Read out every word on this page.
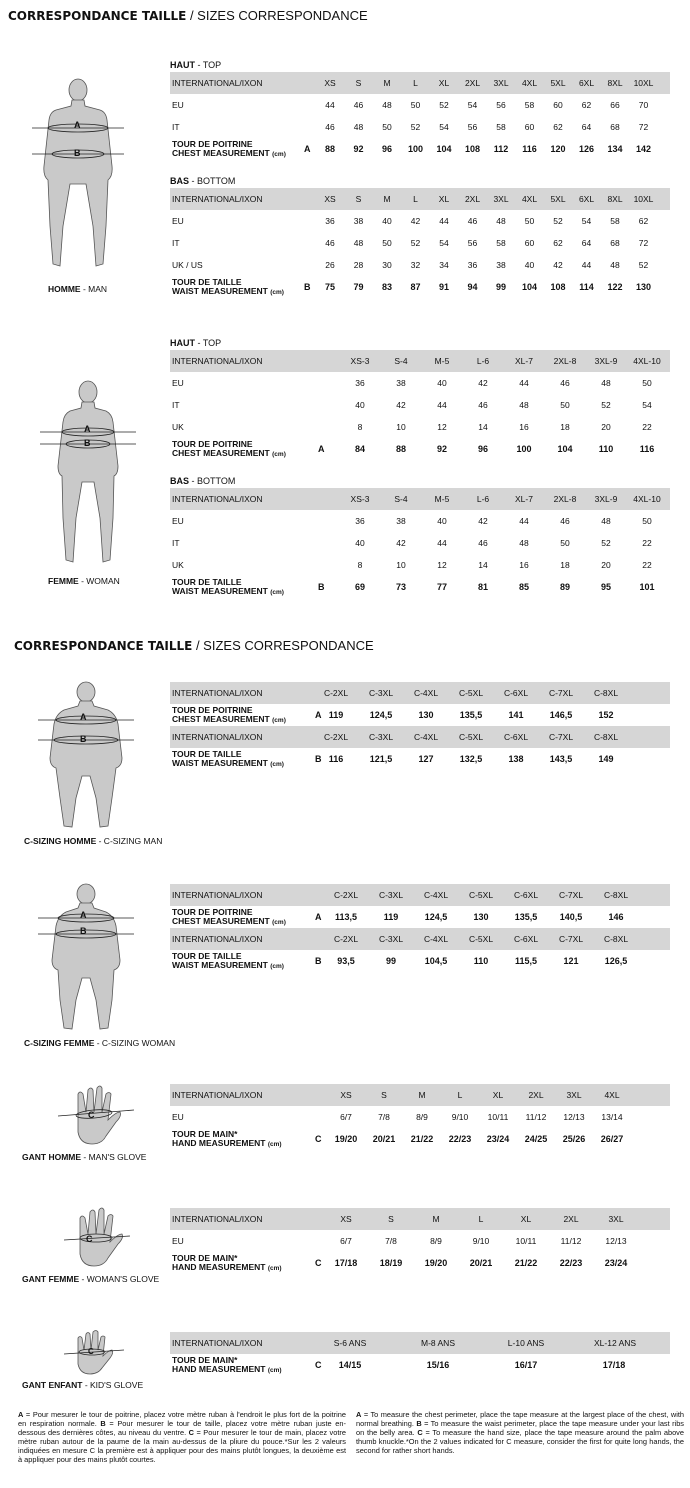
CORRESPONDANCE TAILLE / SIZES CORRESPONDANCE
CORRESPONDANCE TAILLE / SIZES CORRESPONDANCE
A
B
HOMME - MAN
A
B
FEMME - WOMAN
A
B
C-SIZING HOMME - C-SIZING MAN
A
B
C-SIZING FEMME - C-SIZING WOMAN
C
GANT HOMME - MAN'S GLOVE
C
GANT FEMME - WOMAN'S GLOVE
C
GANT ENFANT - KID'S GLOVE
HAUT - TOP
INTERNATIONAL/IXON	XS	S	M	L	XL	2XL	3XL	4XL	5XL	6XL	8XL	10XL
EU	44	46	48	50	52	54	56	58	60	62	66	70
IT	46	48	50	52	54	56	58	60	62	64	68	72
A
TOUR DE POITRINE
CHEST MEASUREMENT (cm)
88	92	96	100	104	108	112	116	120	126	134	142
BAS - BOTTOM
INTERNATIONAL/IXON	XS	S	M	L	XL	2XL	3XL	4XL	5XL	6XL	8XL	10XL
EU	36	38	40	42	44	46	48	50	52	54	58	62
IT	46	48	50	52	54	56	58	60	62	64	68	72
UK / US	26	28	30	32	34	36	38	40	42	44	48	52
B
TOUR DE TAILLE
WAIST MEASUREMENT (cm)
75	79	83	87	91	94	99	104	108	114	122	130
HAUT - TOP
INTERNATIONAL/IXON	XS-3	S-4	M-5	L-6	XL-7	2XL-8	3XL-9	4XL-10
EU	36	38	40	42	44	46	48	50
IT	40	42	44	46	48	50	52	54
UK	8	10	12	14	16	18	20	22
A
TOUR DE POITRINE
CHEST MEASUREMENT (cm)
84	88	92	96	100	104	110	116
BAS - BOTTOM
INTERNATIONAL/IXON	XS-3	S-4	M-5	L-6	XL-7	2XL-8	3XL-9	4XL-10
EU	36	38	40	42	44	46	48	50
IT	40	42	44	46	48	50	52	22
UK	8	10	12	14	16	18	20	22
B
TOUR DE TAILLE
WAIST MEASUREMENT (cm)
69	73	77	81	85	89	95	101
INTERNATIONAL/IXON	C-2XL	C-3XL	C-4XL	C-5XL	C-6XL	C-7XL	C-8XL
A
TOUR DE POITRINE
CHEST MEASUREMENT (cm)
119	124,5	130	135,5	141	146,5	152
INTERNATIONAL/IXON	C-2XL	C-3XL	C-4XL	C-5XL	C-6XL	C-7XL	C-8XL
B
TOUR DE TAILLE
WAIST MEASUREMENT (cm)
116	121,5	127	132,5	138	143,5	149
INTERNATIONAL/IXON	C-2XL	C-3XL	C-4XL	C-5XL	C-6XL	C-7XL	C-8XL
A
TOUR DE POITRINE
CHEST MEASUREMENT (cm)
113,5	119	124,5	130	135,5	140,5	146
INTERNATIONAL/IXON	C-2XL	C-3XL	C-4XL	C-5XL	C-6XL	C-7XL	C-8XL
B
TOUR DE TAILLE
WAIST MEASUREMENT (cm)
93,5	99	104,5	110	115,5	121	126,5
INTERNATIONAL/IXON	XS	S	M	L	XL	2XL	3XL	4XL
EU	6/7	7/8	8/9	9/10	10/11	11/12	12/13	13/14
C
TOUR DE MAIN*
HAND MEASUREMENT (cm)
19/20	20/21	21/22	22/23	23/24	24/25	25/26	26/27
INTERNATIONAL/IXON	XS	S	M	L	XL	2XL	3XL
EU	6/7	7/8	8/9	9/10	10/11	11/12	12/13
C
TOUR DE MAIN*
HAND MEASUREMENT (cm)
17/18	18/19	19/20	20/21	21/22	22/23	23/24
INTERNATIONAL/IXON	S-6 ANS	M-8 ANS	L-10 ANS	XL-12 ANS
C
TOUR DE MAIN*
HAND MEASUREMENT (cm)
14/15	15/16	16/17	17/18
A = Pour mesurer le tour de poitrine, placez votre mètre ruban à l'endroit le plus fort de la poitrine en respiration normale. B = Pour mesurer le tour de taille, placez votre mètre ruban juste en-dessous des dernières côtes, au niveau du ventre. C = Pour mesurer le tour de main, placez votre mètre ruban autour de la paume de la main au-dessus de la pliure du pouce.*Sur les 2 valeurs indiquées en mesure C la première est à appliquer pour des mains plutôt longues, la deuxième est à appliquer pour des mains plutôt courtes.
A = To measure the chest perimeter, place the tape measure at the largest place of the chest, with normal breathing. B = To measure the waist perimeter, place the tape measure under your last ribs on the belly area. C = To measure the hand size, place the tape measure around the palm above thumb knuckle.*On the 2 values indicated for C measure, consider the first for quite long hands, the second for rather short hands.
